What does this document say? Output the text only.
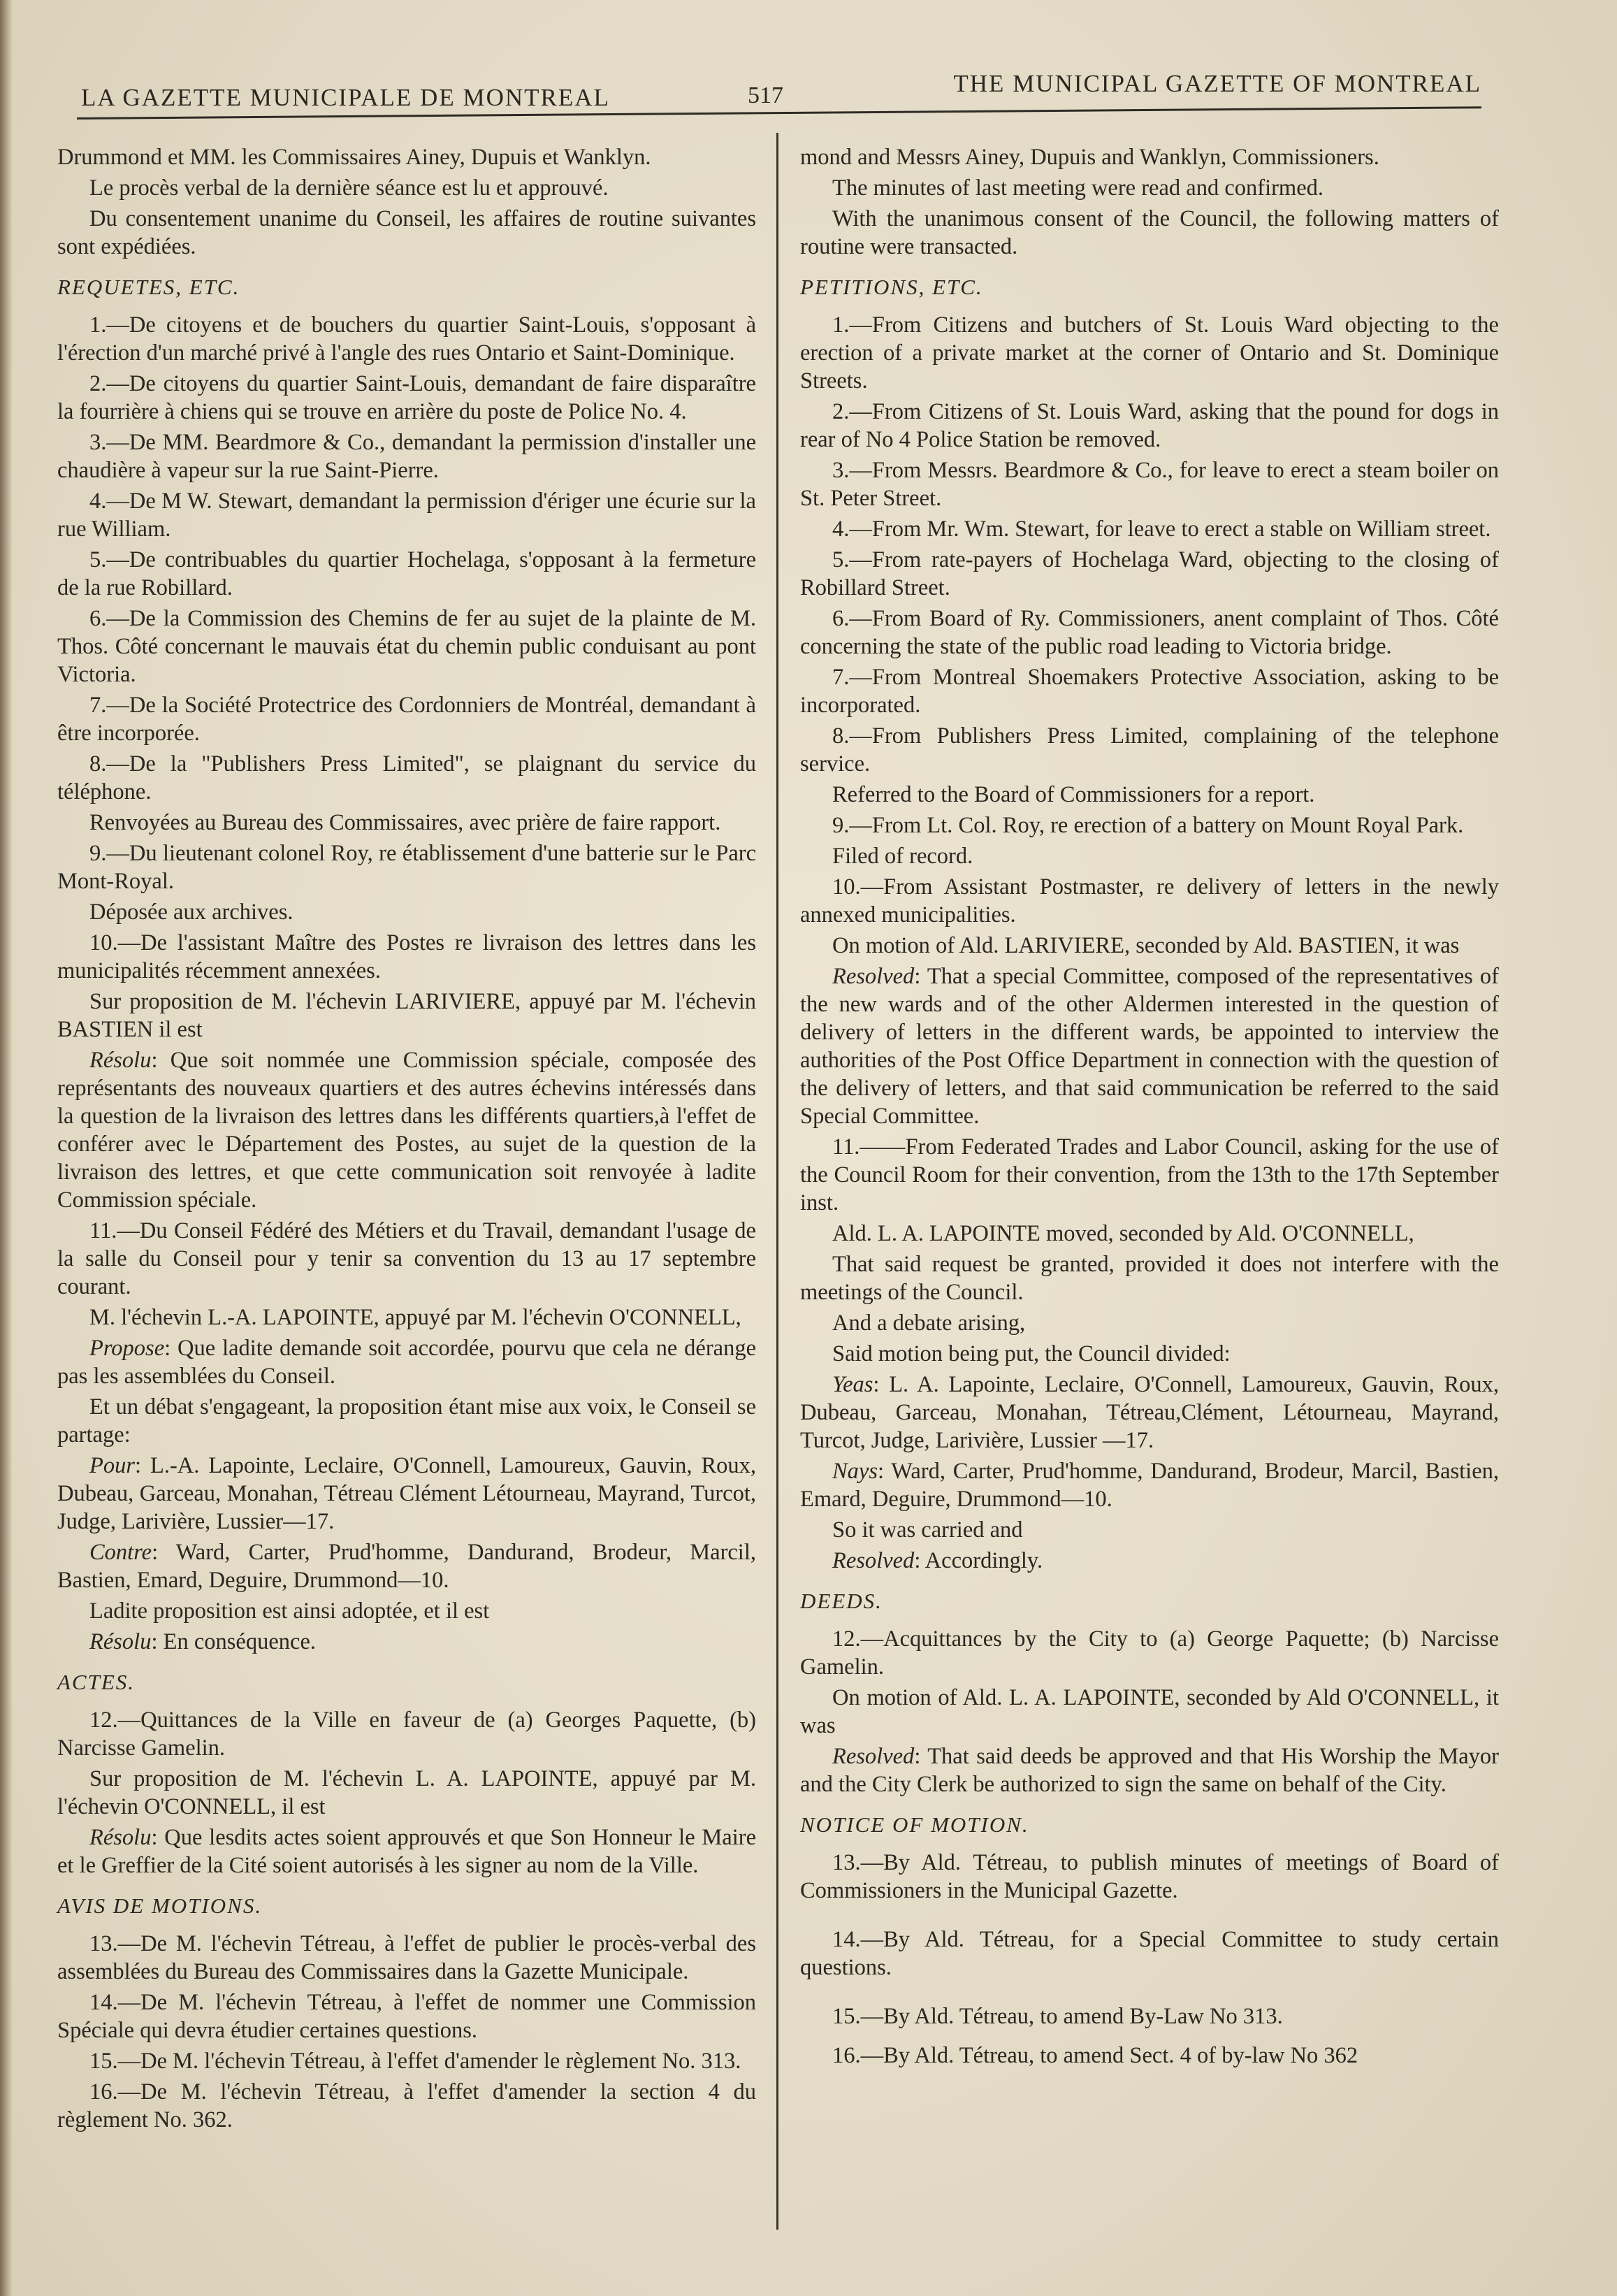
LA GAZETTE MUNICIPALE DE MONTREAL	517	THE MUNICIPAL GAZETTE OF MONTREAL

Drummond et MM. les Commissaires Ainey, Dupuis et Wanklyn.

Le procès verbal de la dernière séance est lu et approuvé.

Du consentement unanime du Conseil, les affaires de routine suivantes sont expédiées.

REQUETES, ETC.

1.—De citoyens et de bouchers du quartier Saint-Louis, s'opposant à l'érection d'un marché privé à l'angle des rues Ontario et Saint-Dominique.

2.—De citoyens du quartier Saint-Louis, demandant de faire disparaître la fourrière à chiens qui se trouve en arrière du poste de Police No. 4.

3.—De MM. Beardmore & Co., demandant la permission d'installer une chaudière à vapeur sur la rue Saint-Pierre.

4.—De M W. Stewart, demandant la permission d'ériger une écurie sur la rue William.

5.—De contribuables du quartier Hochelaga, s'opposant à la fermeture de la rue Robillard.

6.—De la Commission des Chemins de fer au sujet de la plainte de M. Thos. Côté concernant le mauvais état du chemin public conduisant au pont Victoria.

7.—De la Société Protectrice des Cordonniers de Montréal, demandant à être incorporée.

8.—De la "Publishers Press Limited", se plaignant du service du téléphone.

Renvoyées au Bureau des Commissaires, avec prière de faire rapport.

9.—Du lieutenant colonel Roy, re établissement d'une batterie sur le Parc Mont-Royal.

Déposée aux archives.

10.—De l'assistant Maître des Postes re livraison des lettres dans les municipalités récemment annexées.

Sur proposition de M. l'échevin LARIVIERE, appuyé par M. l'échevin BASTIEN il est

Résolu: Que soit nommée une Commission spéciale, composée des représentants des nouveaux quartiers et des autres échevins intéressés dans la question de la livraison des lettres dans les différents quartiers,à l'effet de conférer avec le Département des Postes, au sujet de la question de la livraison des lettres, et que cette communication soit renvoyée à ladite Commission spéciale.

11.—Du Conseil Fédéré des Métiers et du Travail, demandant l'usage de la salle du Conseil pour y tenir sa convention du 13 au 17 septembre courant.

M. l'échevin L.-A. LAPOINTE, appuyé par M. l'échevin O'CONNELL,

Propose: Que ladite demande soit accordée, pourvu que cela ne dérange pas les assemblées du Conseil.

Et un débat s'engageant, la proposition étant mise aux voix, le Conseil se partage:

Pour: L.-A. Lapointe, Leclaire, O'Connell, Lamoureux, Gauvin, Roux, Dubeau, Garceau, Monahan, Tétreau Clément Létourneau, Mayrand, Turcot, Judge, Larivière, Lussier—17.

Contre: Ward, Carter, Prud'homme, Dandurand, Brodeur, Marcil, Bastien, Emard, Deguire, Drummond—10.

Ladite proposition est ainsi adoptée, et il est

Résolu: En conséquence.

ACTES.

12.—Quittances de la Ville en faveur de (a) Georges Paquette, (b) Narcisse Gamelin.

Sur proposition de M. l'échevin L. A. LAPOINTE, appuyé par M. l'échevin O'CONNELL, il est

Résolu: Que lesdits actes soient approuvés et que Son Honneur le Maire et le Greffier de la Cité soient autorisés à les signer au nom de la Ville.

AVIS DE MOTIONS.

13.—De M. l'échevin Tétreau, à l'effet de publier le procès-verbal des assemblées du Bureau des Commissaires dans la Gazette Municipale.

14.—De M. l'échevin Tétreau, à l'effet de nommer une Commission Spéciale qui devra étudier certaines questions.

15.—De M. l'échevin Tétreau, à l'effet d'amender le règlement No. 313.

16.—De M. l'échevin Tétreau, à l'effet d'amender la section 4 du règlement No. 362.

mond and Messrs Ainey, Dupuis and Wanklyn, Commissioners.

The minutes of last meeting were read and confirmed.

With the unanimous consent of the Council, the following matters of routine were transacted.

PETITIONS, ETC.

1.—From Citizens and butchers of St. Louis Ward objecting to the erection of a private market at the corner of Ontario and St. Dominique Streets.

2.—From Citizens of St. Louis Ward, asking that the pound for dogs in rear of No 4 Police Station be removed.

3.—From Messrs. Beardmore & Co., for leave to erect a steam boiler on St. Peter Street.

4.—From Mr. Wm. Stewart, for leave to erect a stable on William street.

5.—From rate-payers of Hochelaga Ward, objecting to the closing of Robillard Street.

6.—From Board of Ry. Commissioners, anent complaint of Thos. Côté concerning the state of the public road leading to Victoria bridge.

7.—From Montreal Shoemakers Protective Association, asking to be incorporated.

8.—From Publishers Press Limited, complaining of the telephone service.

Referred to the Board of Commissioners for a report.

9.—From Lt. Col. Roy, re erection of a battery on Mount Royal Park.

Filed of record.

10.—From Assistant Postmaster, re delivery of letters in the newly annexed municipalities.

On motion of Ald. LARIVIERE, seconded by Ald. BASTIEN, it was

Resolved: That a special Committee, composed of the representatives of the new wards and of the other Aldermen interested in the question of delivery of letters in the different wards, be appointed to interview the authorities of the Post Office Department in connection with the question of the delivery of letters, and that said communication be referred to the said Special Committee.

11.——From Federated Trades and Labor Council, asking for the use of the Council Room for their convention, from the 13th to the 17th September inst.

Ald. L. A. LAPOINTE moved, seconded by Ald. O'CONNELL,

That said request be granted, provided it does not interfere with the meetings of the Council.

And a debate arising,

Said motion being put, the Council divided:

Yeas: L. A. Lapointe, Leclaire, O'Connell, Lamoureux, Gauvin, Roux, Dubeau, Garceau, Monahan, Tétreau,Clément, Létourneau, Mayrand, Turcot, Judge, Larivière, Lussier —17.

Nays: Ward, Carter, Prud'homme, Dandurand, Brodeur, Marcil, Bastien, Emard, Deguire, Drummond—10.

So it was carried and

Resolved: Accordingly.

DEEDS.

12.—Acquittances by the City to (a) George Paquette; (b) Narcisse Gamelin.

On motion of Ald. L. A. LAPOINTE, seconded by Ald O'CONNELL, it was

Resolved: That said deeds be approved and that His Worship the Mayor and the City Clerk be authorized to sign the same on behalf of the City.

NOTICE OF MOTION.

13.—By Ald. Tétreau, to publish minutes of meetings of Board of Commissioners in the Municipal Gazette.

14.—By Ald. Tétreau, for a Special Committee to study certain questions.

15.—By Ald. Tétreau, to amend By-Law No 313.

16.—By Ald. Tétreau, to amend Sect. 4 of by-law No 362
